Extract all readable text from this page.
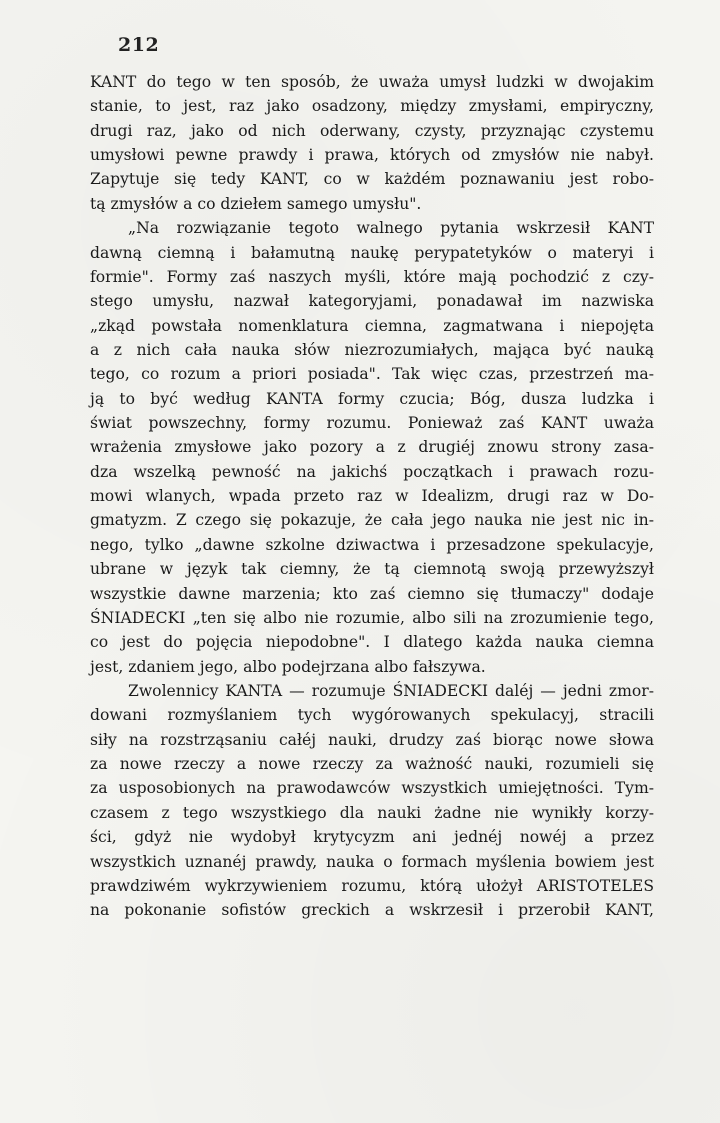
212
KANT do tego w ten sposób, że uważa umysł ludzki w dwojakim
stanie, to jest, raz jako osadzony, między zmysłami, empiryczny,
drugi raz, jako od nich oderwany, czysty, przyznając czystemu
umysłowi pewne prawdy i prawa, których od zmysłów nie nabył.
Zapytuje się tedy KANT, co w każdém poznawaniu jest robo-
tą zmysłów a co dziełem samego umysłu".
„Na rozwiązanie tegoto walnego pytania wskrzesił KANT
dawną ciemną i bałamutną naukę perypatetyków o materyi i
formie". Formy zaś naszych myśli, które mają pochodzić z czy-
stego umysłu, nazwał kategoryjami, ponadawał im nazwiska
„zkąd powstała nomenklatura ciemna, zagmatwana i niepojęta
a z nich cała nauka słów niezrozumiałych, mająca być nauką
tego, co rozum a priori posiada". Tak więc czas, przestrzeń ma-
ją to być według KANTA formy czucia; Bóg, dusza ludzka i
świat powszechny, formy rozumu. Ponieważ zaś KANT uważa
wrażenia zmysłowe jako pozory a z drugiéj znowu strony zasa-
dza wszelką pewność na jakichś początkach i prawach rozu-
mowi wlanych, wpada przeto raz w Idealizm, drugi raz w Do-
gmatyzm. Z czego się pokazuje, że cała jego nauka nie jest nic in-
nego, tylko „dawne szkolne dziwactwa i przesadzone spekulacyje,
ubrane w język tak ciemny, że tą ciemnotą swoją przewyższył
wszystkie dawne marzenia; kto zaś ciemno się tłumaczy" dodaje
ŚNIADECKI „ten się albo nie rozumie, albo sili na zrozumienie tego,
co jest do pojęcia niepodobne". I dlatego każda nauka ciemna
jest, zdaniem jego, albo podejrzana albo fałszywa.
Zwolennicy KANTA — rozumuje ŚNIADECKI daléj — jedni zmor-
dowani rozmyślaniem tych wygórowanych spekulacyj, stracili
siły na rozstrząsaniu całéj nauki, drudzy zaś biorąc nowe słowa
za nowe rzeczy a nowe rzeczy za ważność nauki, rozumieli się
za usposobionych na prawodawców wszystkich umiejętności. Tym-
czasem z tego wszystkiego dla nauki żadne nie wynikły korzy-
ści, gdyż nie wydobył krytycyzm ani jednéj nowéj a przez
wszystkich uznanéj prawdy, nauka o formach myślenia bowiem jest
prawdziwém wykrzywieniem rozumu, którą ułożył ARISTOTELES
na pokonanie sofistów greckich a wskrzesił i przerobił KANT,
